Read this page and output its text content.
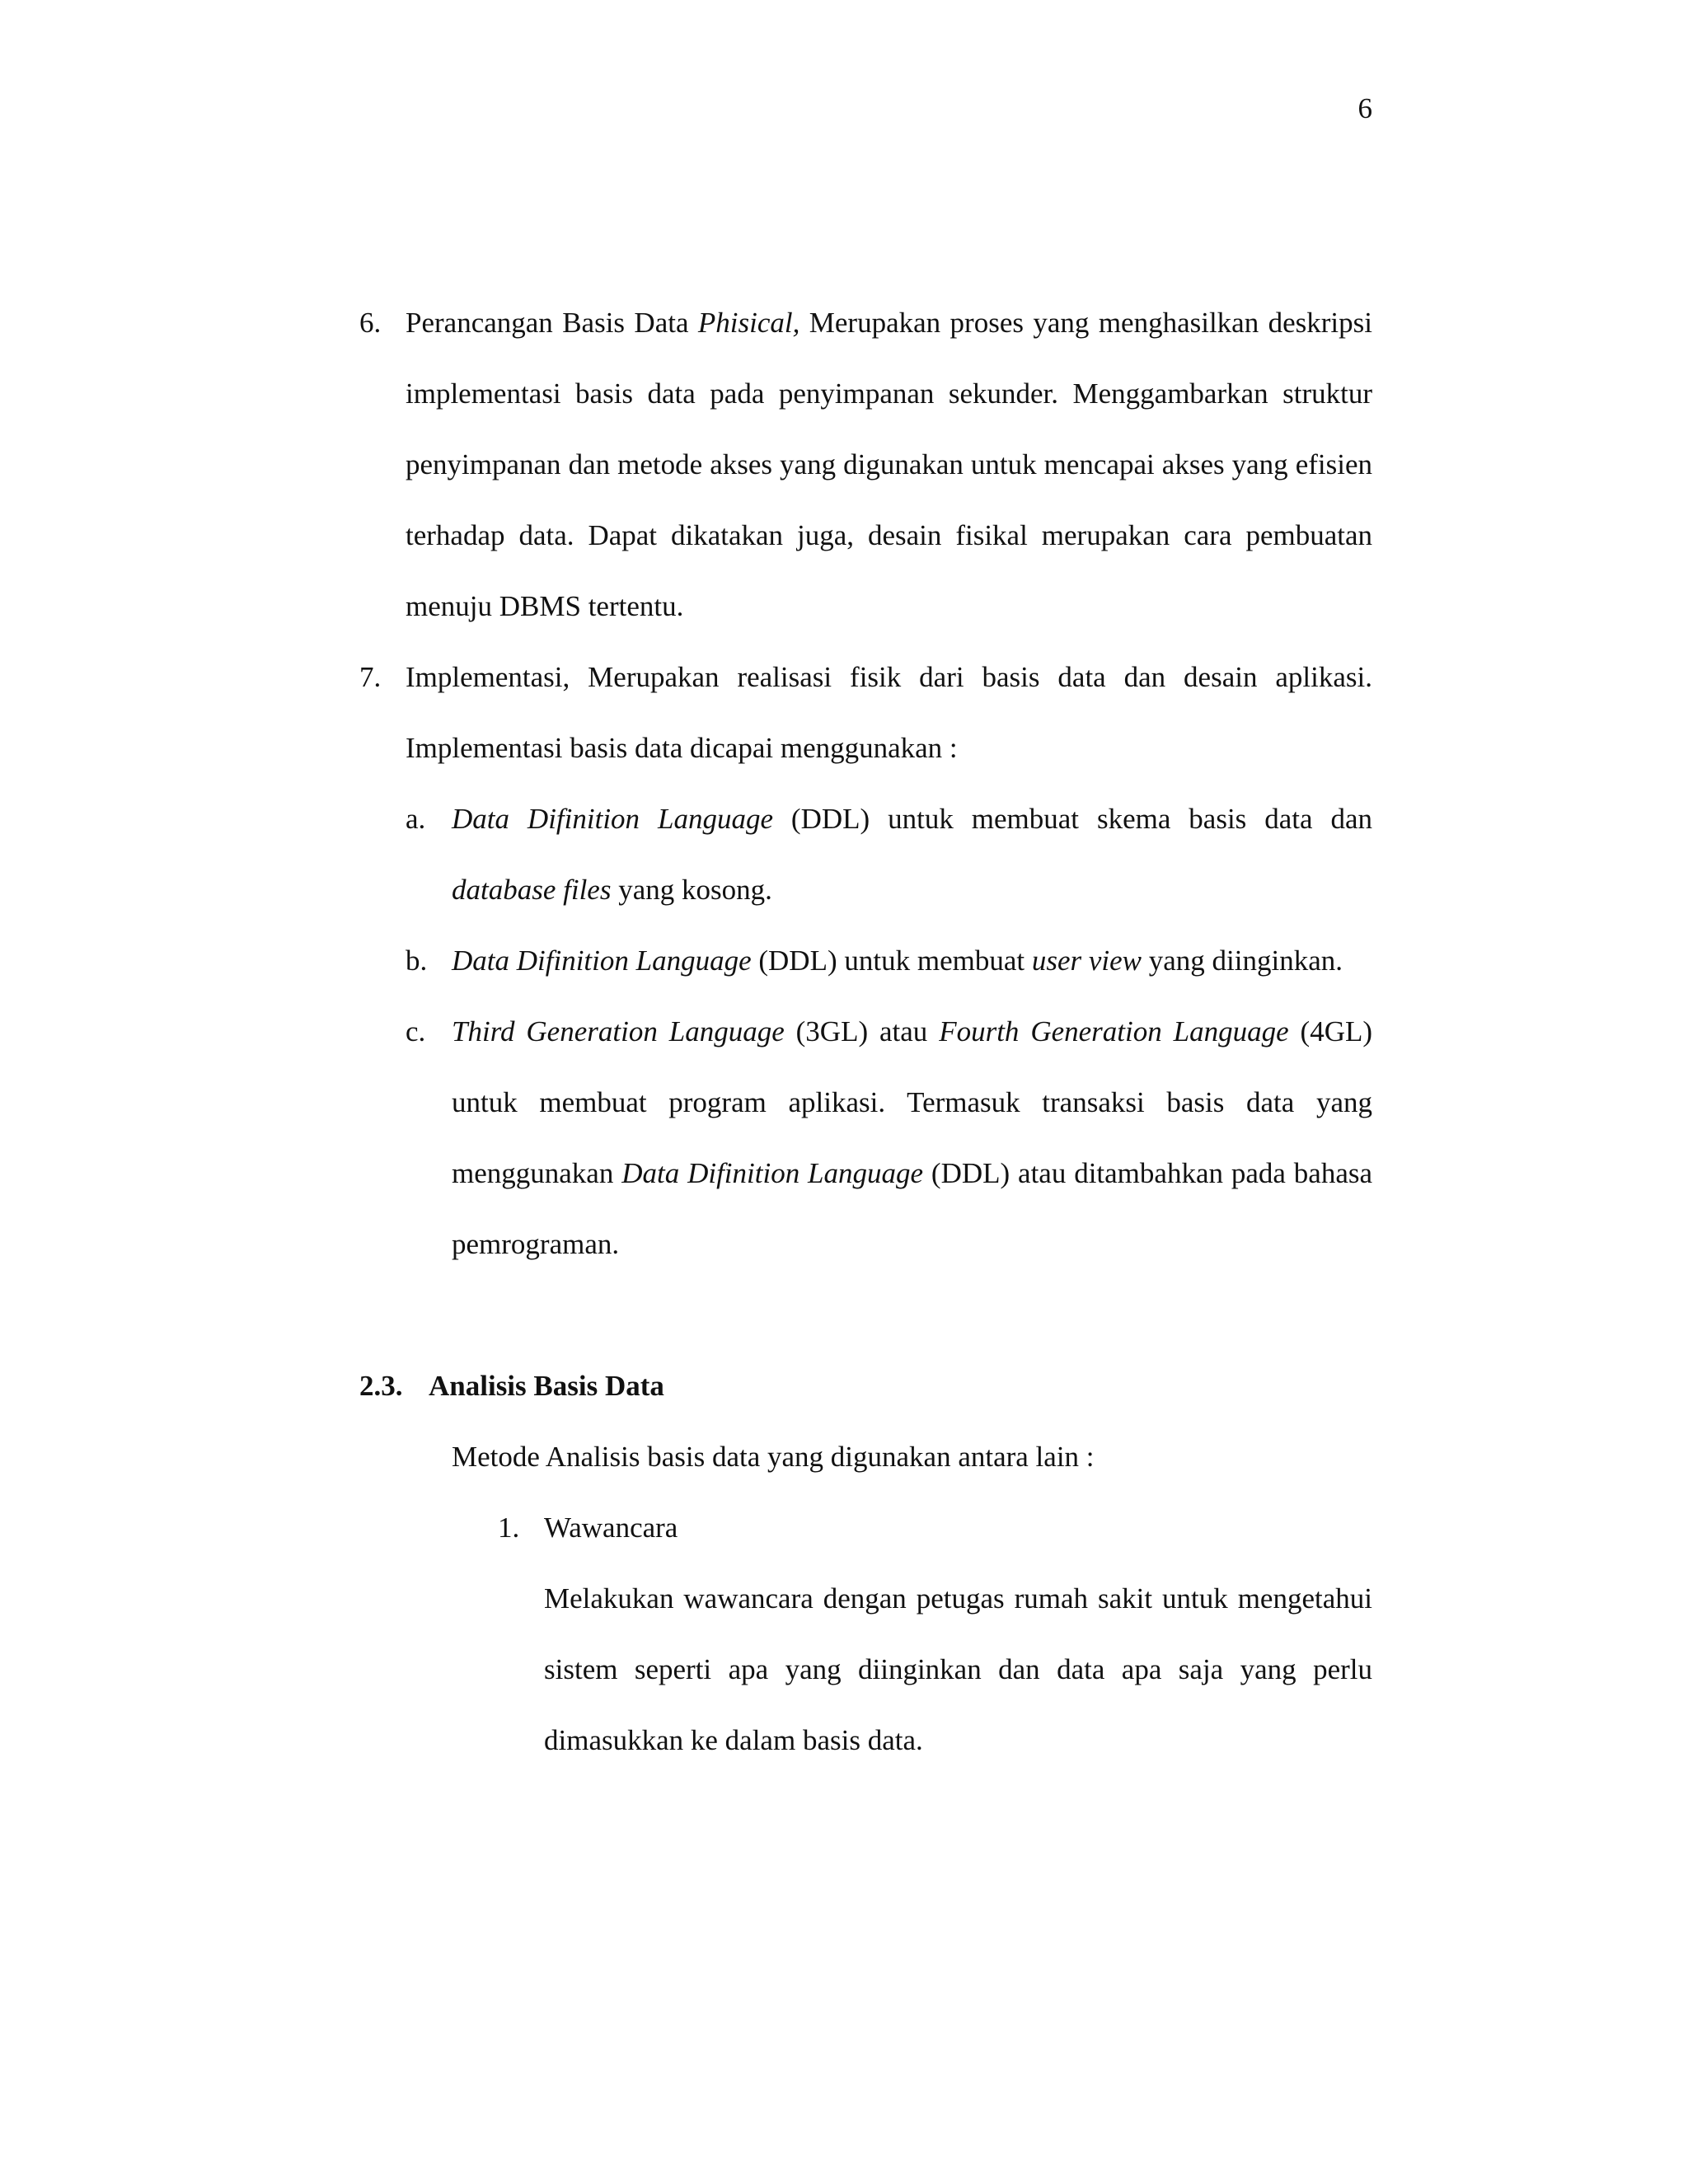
6
6. Perancangan Basis Data Phisical, Merupakan proses yang menghasilkan deskripsi implementasi basis data pada penyimpanan sekunder. Menggambarkan struktur penyimpanan dan metode akses yang digunakan untuk mencapai akses yang efisien terhadap data. Dapat dikatakan juga, desain fisikal merupakan cara pembuatan menuju DBMS tertentu.
7. Implementasi, Merupakan realisasi fisik dari basis data dan desain aplikasi. Implementasi basis data dicapai menggunakan :
a. Data Difinition Language (DDL) untuk membuat skema basis data dan database files yang kosong.
b. Data Difinition Language (DDL) untuk membuat user view yang diinginkan.
c. Third Generation Language (3GL) atau Fourth Generation Language (4GL) untuk membuat program aplikasi. Termasuk transaksi basis data yang menggunakan Data Difinition Language (DDL) atau ditambahkan pada bahasa pemrograman.
2.3. Analisis Basis Data
Metode Analisis basis data yang digunakan antara lain :
1. Wawancara
Melakukan wawancara dengan petugas rumah sakit untuk mengetahui sistem seperti apa yang diinginkan dan data apa saja yang perlu dimasukkan ke dalam basis data.
